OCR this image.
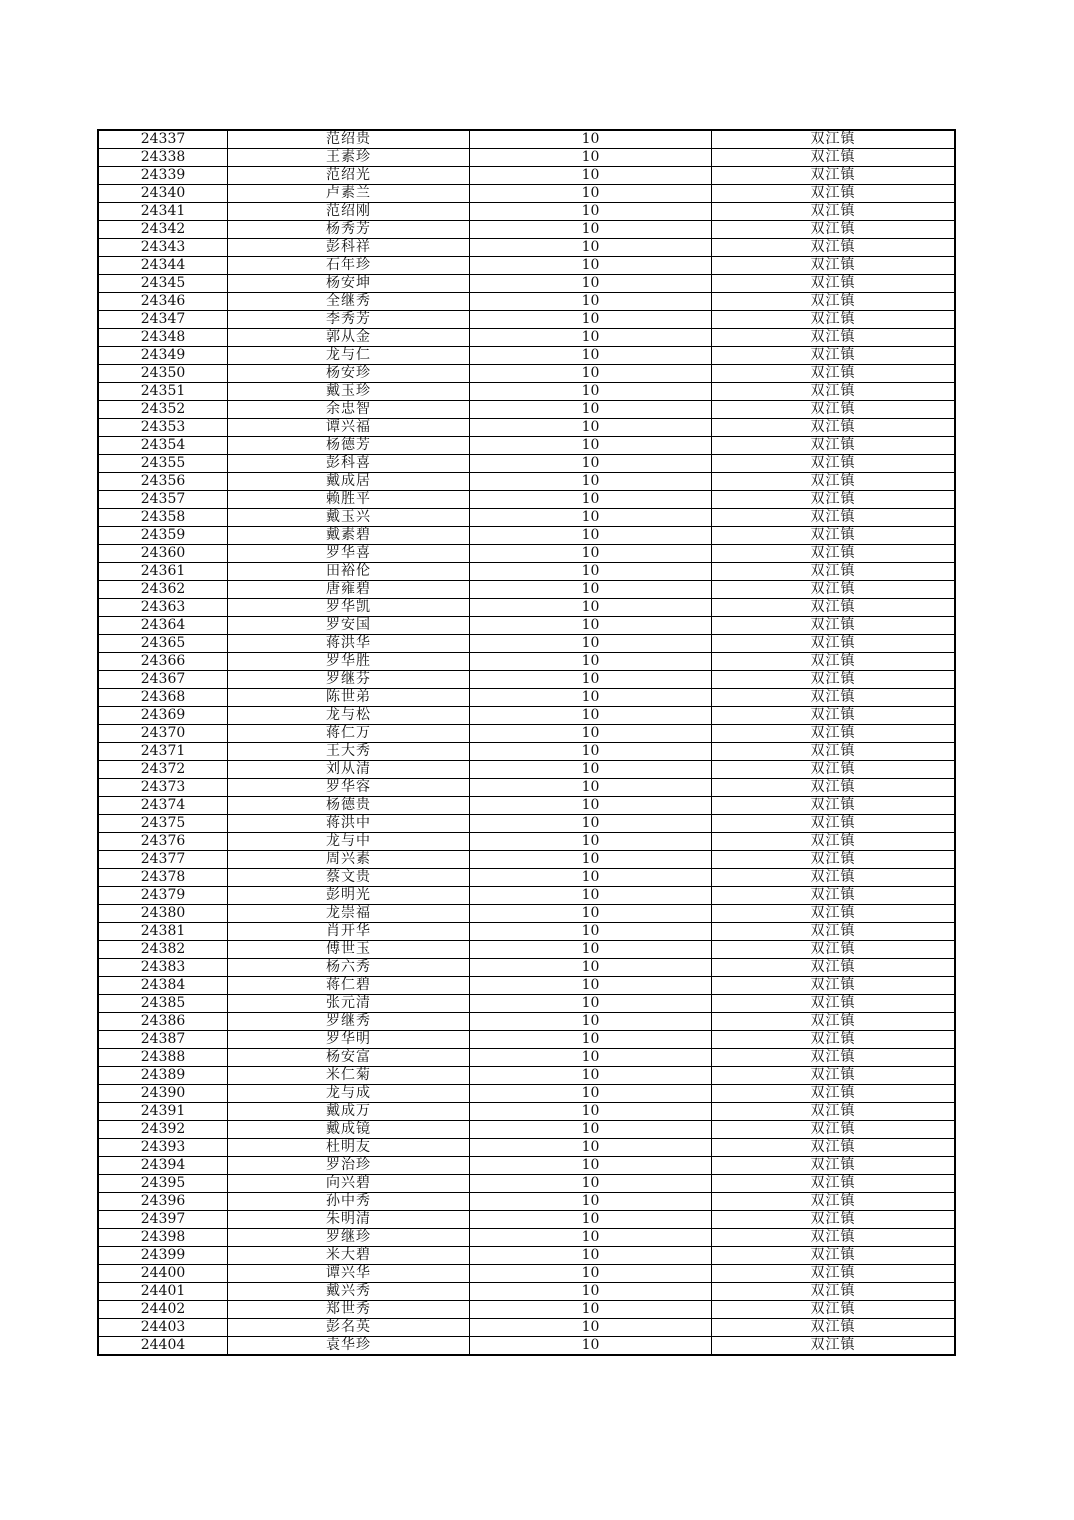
24337	范绍贵	10	双江镇
24338	王素珍	10	双江镇
24339	范绍光	10	双江镇
24340	卢素兰	10	双江镇
24341	范绍刚	10	双江镇
24342	杨秀芳	10	双江镇
24343	彭科祥	10	双江镇
24344	石年珍	10	双江镇
24345	杨安坤	10	双江镇
24346	全继秀	10	双江镇
24347	李秀芳	10	双江镇
24348	郭从金	10	双江镇
24349	龙与仁	10	双江镇
24350	杨安珍	10	双江镇
24351	戴玉珍	10	双江镇
24352	余忠智	10	双江镇
24353	谭兴福	10	双江镇
24354	杨德芳	10	双江镇
24355	彭科喜	10	双江镇
24356	戴成居	10	双江镇
24357	赖胜平	10	双江镇
24358	戴玉兴	10	双江镇
24359	戴素碧	10	双江镇
24360	罗华喜	10	双江镇
24361	田裕伦	10	双江镇
24362	唐雍碧	10	双江镇
24363	罗华凯	10	双江镇
24364	罗安国	10	双江镇
24365	蒋洪华	10	双江镇
24366	罗华胜	10	双江镇
24367	罗继芬	10	双江镇
24368	陈世弟	10	双江镇
24369	龙与松	10	双江镇
24370	蒋仁万	10	双江镇
24371	王大秀	10	双江镇
24372	刘从清	10	双江镇
24373	罗华容	10	双江镇
24374	杨德贵	10	双江镇
24375	蒋洪中	10	双江镇
24376	龙与中	10	双江镇
24377	周兴素	10	双江镇
24378	蔡文贵	10	双江镇
24379	彭明光	10	双江镇
24380	龙崇福	10	双江镇
24381	肖开华	10	双江镇
24382	傅世玉	10	双江镇
24383	杨六秀	10	双江镇
24384	蒋仁碧	10	双江镇
24385	张元清	10	双江镇
24386	罗继秀	10	双江镇
24387	罗华明	10	双江镇
24388	杨安富	10	双江镇
24389	米仁菊	10	双江镇
24390	龙与成	10	双江镇
24391	戴成万	10	双江镇
24392	戴成镜	10	双江镇
24393	杜明友	10	双江镇
24394	罗治珍	10	双江镇
24395	向兴碧	10	双江镇
24396	孙中秀	10	双江镇
24397	朱明清	10	双江镇
24398	罗继珍	10	双江镇
24399	米大碧	10	双江镇
24400	谭兴华	10	双江镇
24401	戴兴秀	10	双江镇
24402	郑世秀	10	双江镇
24403	彭名英	10	双江镇
24404	袁华珍	10	双江镇
